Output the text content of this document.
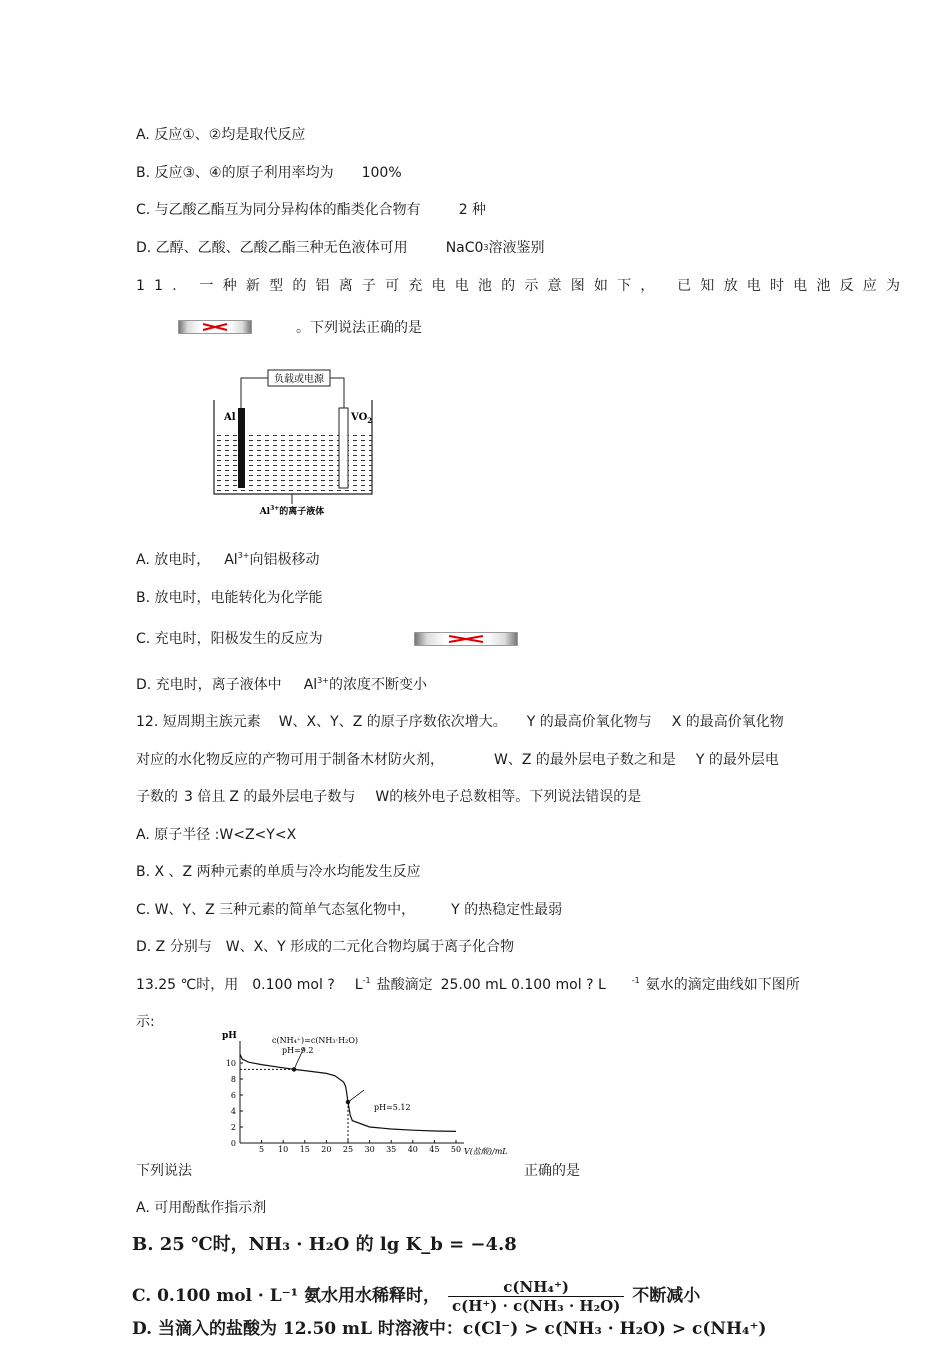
A. 反应①、②均是取代反应
B. 反应③、④的原子利用率均为 100%
C. 与乙酸乙酯互为同分异构体的酯类化合物有	2 种
D. 乙醇、乙酸、乙酸乙酯三种无色液体可用	NaC03溶液鉴别
11. 一种新型的铝离子可充电电池的示意图如下， 已知放电时电池反应为
。下列说法正确的是
负载或电源
Al	$VO_2$
$Al^{3+}$的离子液体
A. 放电时， Al3+向铝极移动
B. 放电时，电能转化为化学能
C. 充电时，阳极发生的反应为
D. 充电时，离子液体中 Al3+的浓度不断变小
12. 短周期主族元素 W、X、Y、Z 的原子序数依次增大。 Y 的最高价氧化物与 X 的最高价氧化物
对应的水化物反应的产物可用于制备木材防火剂，	W、Z 的最外层电子数之和是 Y 的最外层电
子数的 3 倍且 Z 的最外层电子数与 W的核外电子总数相等。下列说法错误的是
A. 原子半径 :W<Z<Y<X
B. X 、Z 两种元素的单质与冷水均能发生反应
C. W、Y、Z 三种元素的简单气态氢化物中，	Y 的热稳定性最弱
D. Z 分别与 W、X、Y 形成的二元化合物均属于离子化合物
13.25 ℃时，用 0.100 mol ? L-1 盐酸滴定 25.00 mL 0.100 mol ? L	-1 氨水的滴定曲线如下图所
示:
pH	c(NH₄⁺)=c(NH₃·H₂O)
pH=9.2
pH=5.12
V(盐酸)/mL
0
2
4
6
8
10
5 10 15 20 25 30 35 40 45 50
下列说法	正确的是
A. 可用酚酞作指示剂
B. 25 ℃时，NH₃ · H₂O 的 lg K_b = −4.8
C. 0.100 mol · L⁻¹ 氨水用水稀释时， $\frac{\text{c(NH₄⁺)}}{\text{c(H⁺) · c(NH₃ · H₂O)}}$ 不断减小
D. 当滴入的盐酸为 12.50 mL 时溶液中：c(Cl⁻) > c(NH₃ · H₂O) > c(NH₄⁺)
